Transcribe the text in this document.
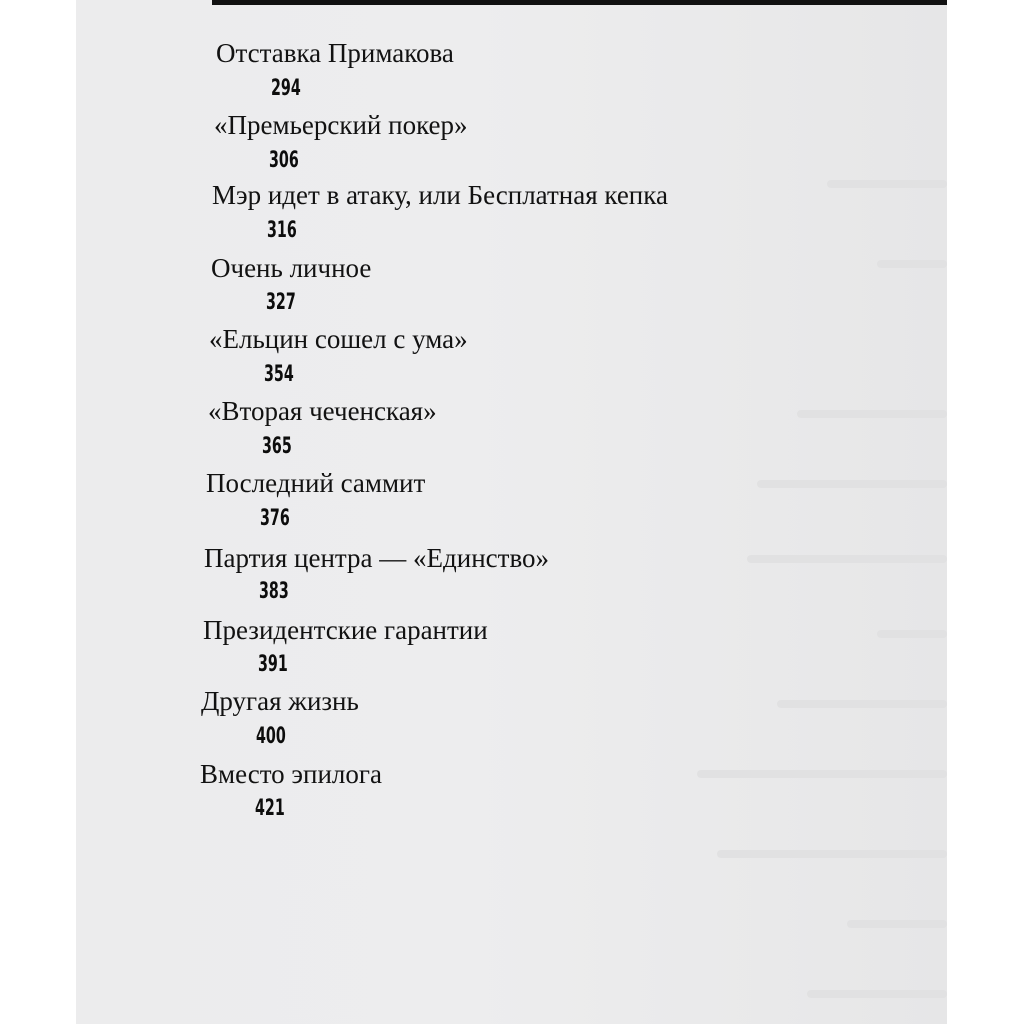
Отставка Примакова
294
«Премьерский покер»
306
Мэр идет в атаку, или Бесплатная кепка
316
Очень личное
327
«Ельцин сошел с ума»
354
«Вторая чеченская»
365
Последний саммит
376
Партия центра — «Единство»
383
Президентские гарантии
391
Другая жизнь
400
Вместо эпилога
421
